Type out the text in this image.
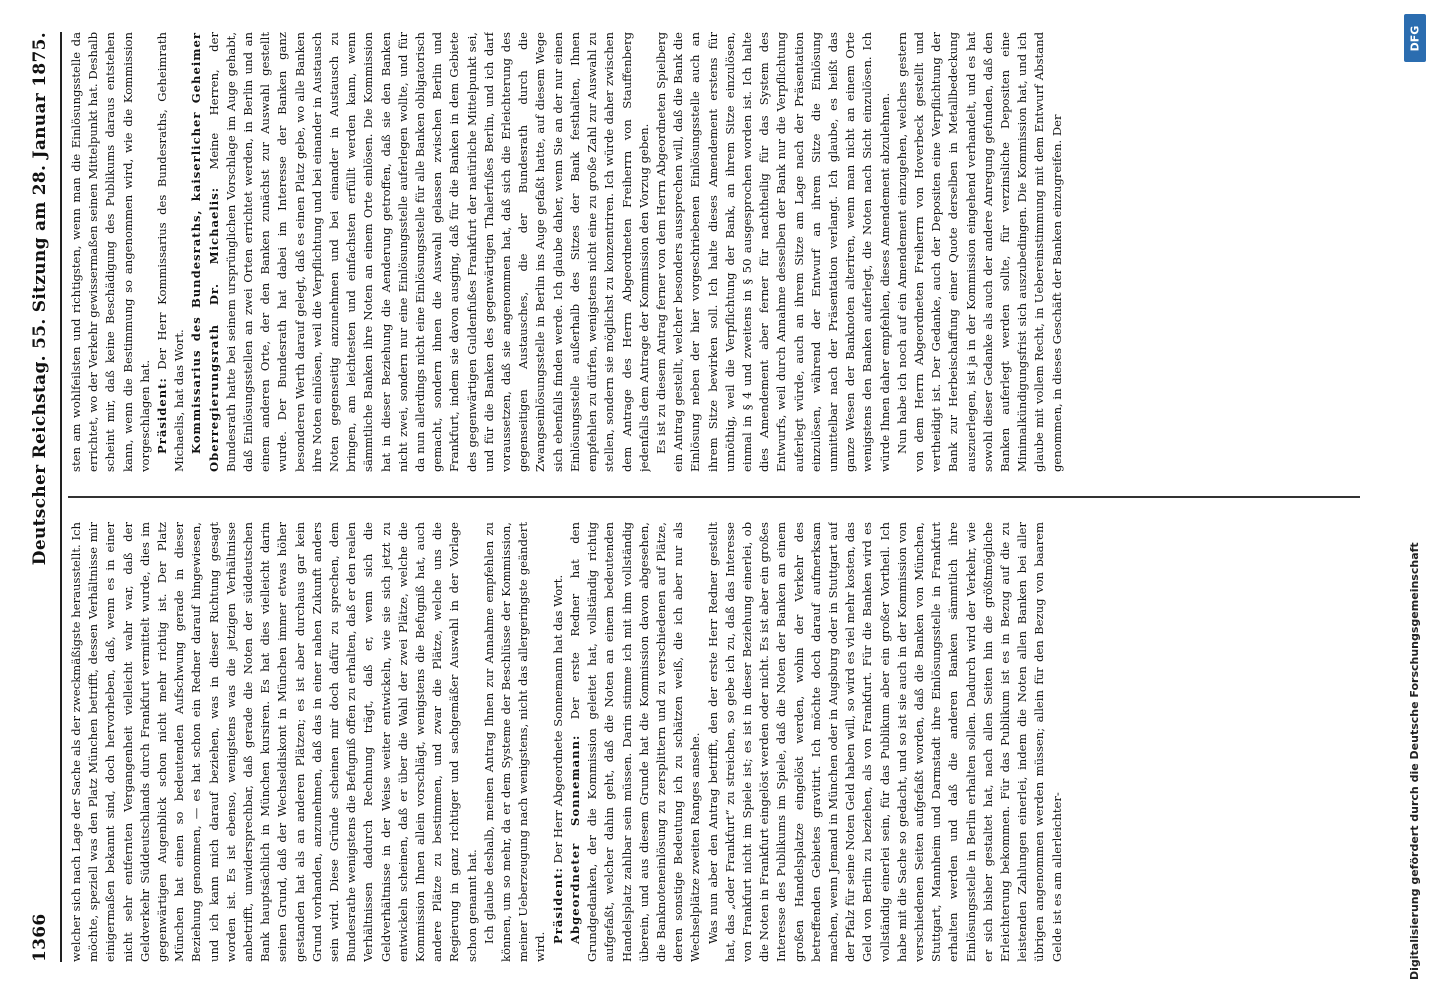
1366
Deutscher Reichstag. 55. Sitzung am 28. Januar 1875.

welcher sich nach Lage der Sache als der zweckmäßigste herausstellt. Ich möchte, speziell was den Platz München betrifft, dessen Verhältnisse mir einigermaßen bekannt sind, doch hervorheben, daß, wenn es in einer nicht sehr entfernten Vergangenheit vielleicht wahr war, daß der Geldverkehr Süddeutschlands durch Frankfurt vermittelt wurde, dies im gegenwärtigen Augenblick schon nicht mehr richtig ist. Der Platz München hat einen so bedeutenden Aufschwung gerade in dieser Beziehung genommen, — es hat schon ein Redner darauf hingewiesen, und ich kann mich darauf beziehen, was in dieser Richtung gesagt worden ist. Es ist ebenso, wenigstens was die jetzigen Verhältnisse anbetrifft, unwidersprechbar, daß gerade die Noten der süddeutschen Bank hauptsächlich in München kursiren. Es hat dies vielleicht darin seinen Grund, daß der Wechseldiskont in München immer etwas höher gestanden hat als an anderen Plätzen; es ist aber durchaus gar kein Grund vorhanden, anzunehmen, daß das in einer nahen Zukunft anders sein wird. Diese Gründe scheinen mir doch dafür zu sprechen, dem Bundesrathe wenigstens die Befugniß offen zu erhalten, daß er den realen Verhältnissen dadurch Rechnung trägt, daß er, wenn sich die Geldverhältnisse in der Weise weiter entwickeln, wie sie sich jetzt zu entwickeln scheinen, daß er über die Wahl der zwei Plätze, welche die Kommission Ihnen allein vorschlägt, wenigstens die Befugniß hat, auch andere Plätze zu bestimmen, und zwar die Plätze, welche uns die Regierung in ganz richtiger und sachgemäßer Auswahl in der Vorlage schon genannt hat. Ich glaube deshalb, meinen Antrag Ihnen zur Annahme empfehlen zu können, um so mehr, da er dem Systeme der Beschlüsse der Kommission, meiner Ueberzeugung nach wenigstens, nicht das allergeringste geändert wird.

Präsident: Der Herr Abgeordnete Sonnemann hat das Wort. Abgeordneter Sonnemann: Der erste Redner hat den Grundgedanken, der die Kommission geleitet hat, vollständig richtig aufgefaßt, welcher dahin geht, daß die Noten an einem bedeutenden Handelsplatz zahlbar sein müssen. Darin stimme ich mit ihm vollständig überein, und aus diesem Grunde hat die Kommission davon abgesehen, die Banknoteneinlösung zu zersplittern und zu verschiedenen auf Plätze, deren sonstige Bedeutung ich zu schätzen weiß, die ich aber nur als Wechselplätze zweiten Ranges ansehe. Was nun aber den Antrag betrifft, den der erste Herr Redner gestellt hat, das „oder Frankfurt“ zu streichen, so gebe ich zu, daß das Interesse von Frankfurt nicht im Spiele ist; es ist in dieser Beziehung einerlei, ob die Noten in Frankfurt eingelöst werden oder nicht. Es ist aber ein großes Interesse des Publikums im Spiele, daß die Noten der Banken an einem großen Handelsplatze eingelöst werden, wohin der Verkehr des betreffenden Gebietes gravitirt. Ich möchte doch darauf aufmerksam machen, wenn Jemand in München oder in Augsburg oder in Stuttgart auf der Pfalz für seine Noten Geld haben will, so wird es viel mehr kosten, das Geld von Berlin zu beziehen, als von Frankfurt. Für die Banken wird es vollständig einerlei sein, für das Publikum aber ein großer Vortheil. Ich habe mit die Sache so gedacht, und so ist sie auch in der Kommission von verschiedenen Seiten aufgefaßt worden, daß die Banken von München, Stuttgart, Mannheim und Darmstadt ihre Einlösungsstelle in Frankfurt erhalten werden und daß die anderen Banken sämmtlich ihre Einlösungsstelle in Berlin erhalten sollen. Dadurch wird der Verkehr, wie er sich bisher gestaltet hat, nach allen Seiten hin die größtmögliche Erleichterung bekommen. Für das Publikum ist es in Bezug auf die zu leistenden Zahlungen einerlei, indem die Noten allen Banken bei aller übrigen angenommen werden müssen; allein für den Bezug von baarem Gelde ist es am allerleichter-

sten am wohlfeilsten und richtigsten, wenn man die Einlösungsstelle da errichtet, wo der Verkehr gewissermaßen seinen Mittelpunkt hat. Deshalb scheint mir, daß keine Beschädigung des Publikums daraus entstehen kann, wenn die Bestimmung so angenommen wird, wie die Kommission vorgeschlagen hat. Präsident: Der Herr Kommissarius des Bundesraths, Geheimrath Michaelis, hat das Wort. Kommissarius des Bundesraths, kaiserlicher Geheimer Oberregierungsrath Dr. Michaelis: Meine Herren, der Bundesrath hatte bei seinem ursprünglichen Vorschlage im Auge gehabt, daß Einlösungsstellen an zwei Orten errichtet werden, in Berlin und an einem anderen Orte, der den Banken zunächst zur Auswahl gestellt wurde. Der Bundesrath hat dabei im Interesse der Banken ganz besonderen Werth darauf gelegt, daß es einen Platz gebe, wo alle Banken ihre Noten einlösen, weil die Verpflichtung und bei einander in Austausch Noten gegenseitig anzunehmen und bei einander in Austausch zu bringen, am leichtesten und einfachsten erfüllt werden kann, wenn sämmtliche Banken ihre Noten an einem Orte einlösen. Die Kommission hat in dieser Beziehung die Aenderung getroffen, daß sie den Banken nicht zwei, sondern nur eine Einlösungsstelle auferlegen wollte, und für da nun allerdings nicht eine Einlösungsstelle für alle Banken obligatorisch gemacht, sondern ihnen die Auswahl gelassen zwischen Berlin und Frankfurt, indem sie davon ausging, daß für die Banken in dem Gebiete des gegenwärtigen Guldenfußes Frankfurt der natürliche Mittelpunkt sei, und für die Banken des gegenwärtigen Thalerfußes Berlin, und ich darf voraussetzen, daß sie angenommen hat, daß sich die Erleichterung des gegenseitigen Austausches, die der Bundesrath durch die Zwangseinlösungsstelle in Berlin ins Auge gefaßt hatte, auf diesem Wege sich ebenfalls finden werde. Ich glaube daher, wenn Sie an der nur einen Einlösungsstelle außerhalb des Sitzes der Bank festhalten, Ihnen empfehlen zu dürfen, wenigstens nicht eine zu große Zahl zur Auswahl zu stellen, sondern sie möglichst zu konzentriren. Ich würde daher zwischen dem Antrage des Herrn Abgeordneten Freiherrn von Stauffenberg jedenfalls dem Antrage der Kommission den Vorzug geben. Es ist zu diesem Antrag ferner von dem Herrn Abgeordneten Spielberg ein Antrag gestellt, welcher besonders aussprechen will, daß die Bank die Einlösung neben der hier vorgeschriebenen Einlösungsstelle auch an ihrem Sitze bewirken soll. Ich halte dieses Amendement erstens für unnöthig, weil die Verpflichtung der Bank, an ihrem Sitze einzulösen, einmal in § 4 und zweitens in § 50 ausgesprochen worden ist. Ich halte dies Amendement aber ferner für nachtheilig für das System des Entwurfs, weil durch Annahme desselben der Bank nur die Verpflichtung auferlegt würde, auch an ihrem Sitze am Lage nach der Präsentation einzulösen, während der Entwurf an ihrem Sitze die Einlösung unmittelbar nach der Präsentation verlangt. Ich glaube, es heißt das ganze Wesen der Banknoten alteriren, wenn man nicht an einem Orte wenigstens den Banken auferlegt, die Noten nach Sicht einzulösen. Ich würde Ihnen daher empfehlen, dieses Amendement abzulehnen. Nun habe ich noch auf ein Amendement einzugehen, welches gestern von dem Herrn Abgeordneten Freiherrn von Hoverbeck gestellt und vertheidigt ist. Der Gedanke, auch der Depositen eine Verpflichtung der Bank zur Herbeischaffung einer Quote derselben in Metallbedeckung auszuerlegen, ist ja in der Kommission eingehend verhandelt, und es hat sowohl dieser Gedanke als auch der andere Anregung gefunden, daß den Banken auferlegt werden sollte, für verzinsliche Depositen eine Minimalkündigungsfrist sich auszubedingen. Die Kommission hat, und ich glaube mit vollem Recht, in Uebereinstimmung mit dem Entwurf Abstand genommen, in dieses Geschäft der Banken einzugreifen. Der

Digitalisierung gefördert durch die Deutsche Forschungsgemeinschaft
DFG
